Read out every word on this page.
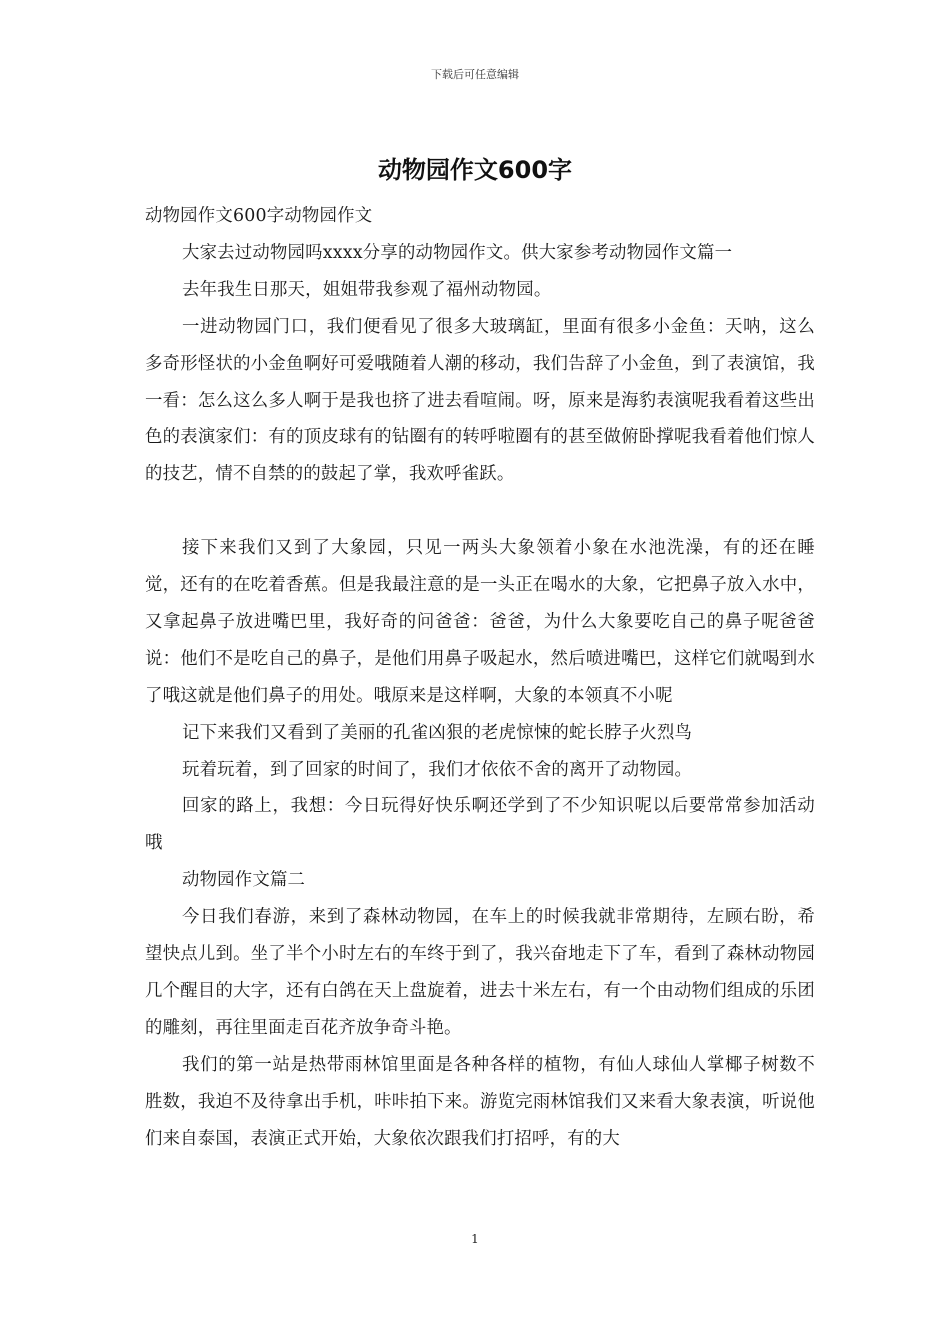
下载后可任意编辑
动物园作文600字

动物园作文600字动物园作文

大家去过动物园吗xxxx分享的动物园作文。供大家参考动物园作文篇一

去年我生日那天，姐姐带我参观了福州动物园。

一进动物园门口，我们便看见了很多大玻璃缸，里面有很多小金鱼：天呐，这么多奇形怪状的小金鱼啊好可爱哦随着人潮的移动，我们告辞了小金鱼，到了表演馆，我一看：怎么这么多人啊于是我也挤了进去看喧闹。呀，原来是海豹表演呢我看着这些出色的表演家们：有的顶皮球有的钻圈有的转呼啦圈有的甚至做俯卧撑呢我看着他们惊人的技艺，情不自禁的的鼓起了掌，我欢呼雀跃。

接下来我们又到了大象园，只见一两头大象领着小象在水池洗澡，有的还在睡觉，还有的在吃着香蕉。但是我最注意的是一头正在喝水的大象，它把鼻子放入水中，又拿起鼻子放进嘴巴里，我好奇的问爸爸：爸爸，为什么大象要吃自己的鼻子呢爸爸说：他们不是吃自己的鼻子，是他们用鼻子吸起水，然后喷进嘴巴，这样它们就喝到水了哦这就是他们鼻子的用处。哦原来是这样啊，大象的本领真不小呢

记下来我们又看到了美丽的孔雀凶狠的老虎惊悚的蛇长脖子火烈鸟

玩着玩着，到了回家的时间了，我们才依依不舍的离开了动物园。

回家的路上，我想：今日玩得好快乐啊还学到了不少知识呢以后要常常参加活动哦

动物园作文篇二

今日我们春游，来到了森林动物园，在车上的时候我就非常期待，左顾右盼，希望快点儿到。坐了半个小时左右的车终于到了，我兴奋地走下了车，看到了森林动物园几个醒目的大字，还有白鸽在天上盘旋着，进去十米左右，有一个由动物们组成的乐团的雕刻，再往里面走百花齐放争奇斗艳。

我们的第一站是热带雨林馆里面是各种各样的植物，有仙人球仙人掌椰子树数不胜数，我迫不及待拿出手机，咔咔拍下来。游览完雨林馆我们又来看大象表演，听说他们来自泰国，表演正式开始，大象依次跟我们打招呼，有的大

1
